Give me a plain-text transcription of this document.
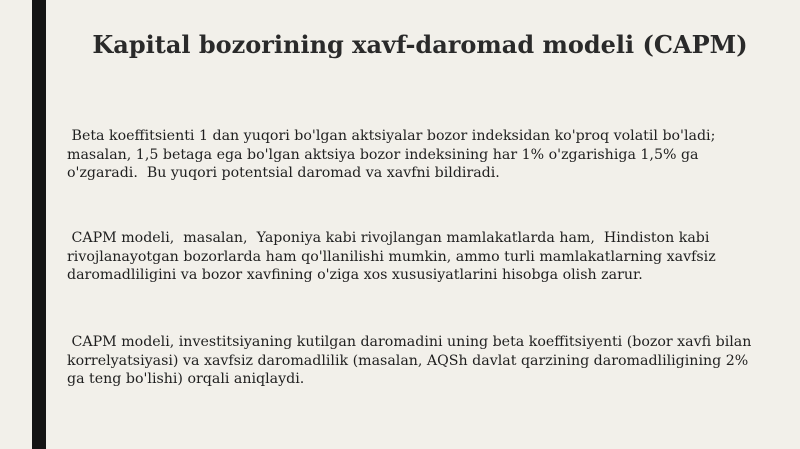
Kapital bozorining xavf-daromad modeli (CAPM)

Beta koeffitsienti 1 dan yuqori bo'lgan aktsiyalar bozor indeksidan ko'proq volatil bo'ladi;
masalan, 1,5 betaga ega bo'lgan aktsiya bozor indeksining har 1% o'zgarishiga 1,5% ga
o'zgaradi.  Bu yuqori potentsial daromad va xavfni bildiradi.

CAPM modeli,  masalan,  Yaponiya kabi rivojlangan mamlakatlarda ham,  Hindiston kabi
rivojlanayotgan bozorlarda ham qo'llanilishi mumkin, ammo turli mamlakatlarning xavfsiz
daromadliligini va bozor xavfining o'ziga xos xususiyatlarini hisobga olish zarur.

CAPM modeli, investitsiyaning kutilgan daromadini uning beta koeffitsiyenti (bozor xavfi bilan
korrelyatsiyasi) va xavfsiz daromadlilik (masalan, AQSh davlat qarzining daromadliligining 2%
ga teng bo'lishi) orqali aniqlaydi.
